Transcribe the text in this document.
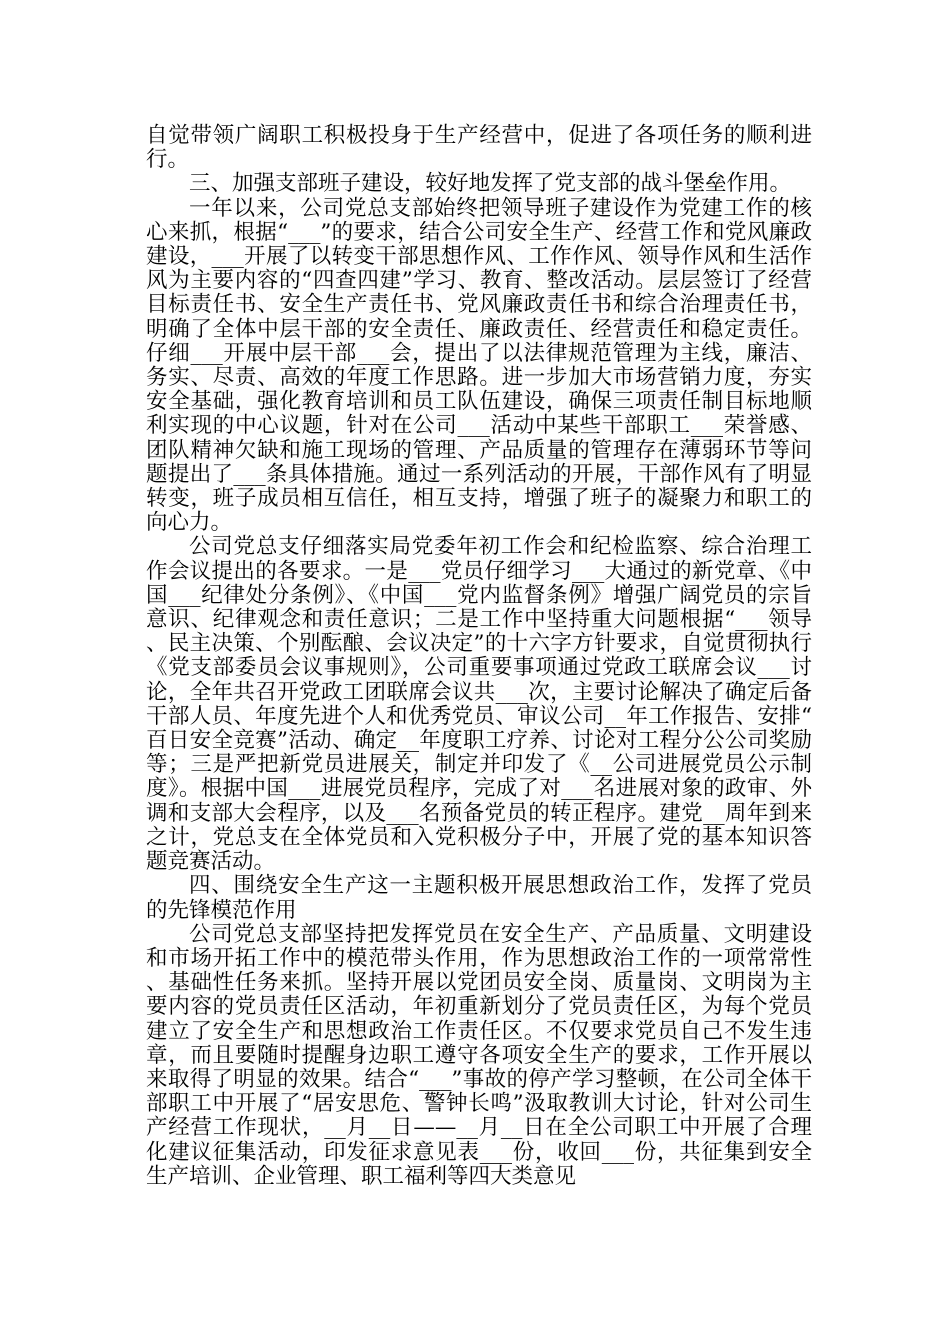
自觉带领广阔职工积极投身于生产经营中，促进了各项任务的顺利进行。

三、加强支部班子建设，较好地发挥了党支部的战斗堡垒作用。

一年以来，公司党总支部始终把领导班子建设作为党建工作的核心来抓，根据“___”的要求，结合公司安全生产、经营工作和党风廉政建设，___开展了以转变干部思想作风、工作作风、领导作风和生活作风为主要内容的“四查四建”学习、教育、整改活动。层层签订了经营目标责任书、安全生产责任书、党风廉政责任书和综合治理责任书，明确了全体中层干部的安全责任、廉政责任、经营责任和稳定责任。仔细___开展中层干部___会，提出了以法律规范管理为主线，廉洁、务实、尽责、高效的年度工作思路。进一步加大市场营销力度，夯实安全基础，强化教育培训和员工队伍建设，确保三项责任制目标地顺利实现的中心议题，针对在公司___活动中某些干部职工___荣誉感、团队精神欠缺和施工现场的管理、产品质量的管理存在薄弱环节等问题提出了___条具体措施。通过一系列活动的开展，干部作风有了明显转变，班子成员相互信任，相互支持，增强了班子的凝聚力和职工的向心力。

公司党总支仔细落实局党委年初工作会和纪检监察、综合治理工作会议提出的各要求。一是___党员仔细学习___大通过的新党章、《中国___纪律处分条例》、《中国___党内监督条例》增强广阔党员的宗旨意识、纪律观念和责任意识；二是工作中坚持重大问题根据“___领导、民主决策、个别酝酿、会议决定”的十六字方针要求，自觉贯彻执行《党支部委员会议事规则》，公司重要事项通过党政工联席会议___讨论，全年共召开党政工团联席会议共___次，主要讨论解决了确定后备干部人员、年度先进个人和优秀党员、审议公司__年工作报告、安排“百日安全竞赛”活动、确定__年度职工疗养、讨论对工程分公公司奖励等；三是严把新党员进展关，制定并印发了《__公司进展党员公示制度》。根据中国___进展党员程序，完成了对___名进展对象的政审、外调和支部大会程序，以及___名预备党员的转正程序。建党__周年到来之计，党总支在全体党员和入党积极分子中，开展了党的基本知识答题竞赛活动。

四、围绕安全生产这一主题积极开展思想政治工作，发挥了党员的先锋模范作用

公司党总支部坚持把发挥党员在安全生产、产品质量、文明建设和市场开拓工作中的模范带头作用，作为思想政治工作的一项常常性、基础性任务来抓。坚持开展以党团员安全岗、质量岗、文明岗为主要内容的党员责任区活动，年初重新划分了党员责任区，为每个党员建立了安全生产和思想政治工作责任区。不仅要求党员自己不发生违章，而且要随时提醒身边职工遵守各项安全生产的要求，工作开展以来取得了明显的效果。结合“___”事故的停产学习整顿，在公司全体干部职工中开展了“居安思危、警钟长鸣”汲取教训大讨论，针对公司生产经营工作现状，__月__日——__月__日在全公司职工中开展了合理化建议征集活动，印发征求意见表___份，收回___份，共征集到安全生产培训、企业管理、职工福利等四大类意见
